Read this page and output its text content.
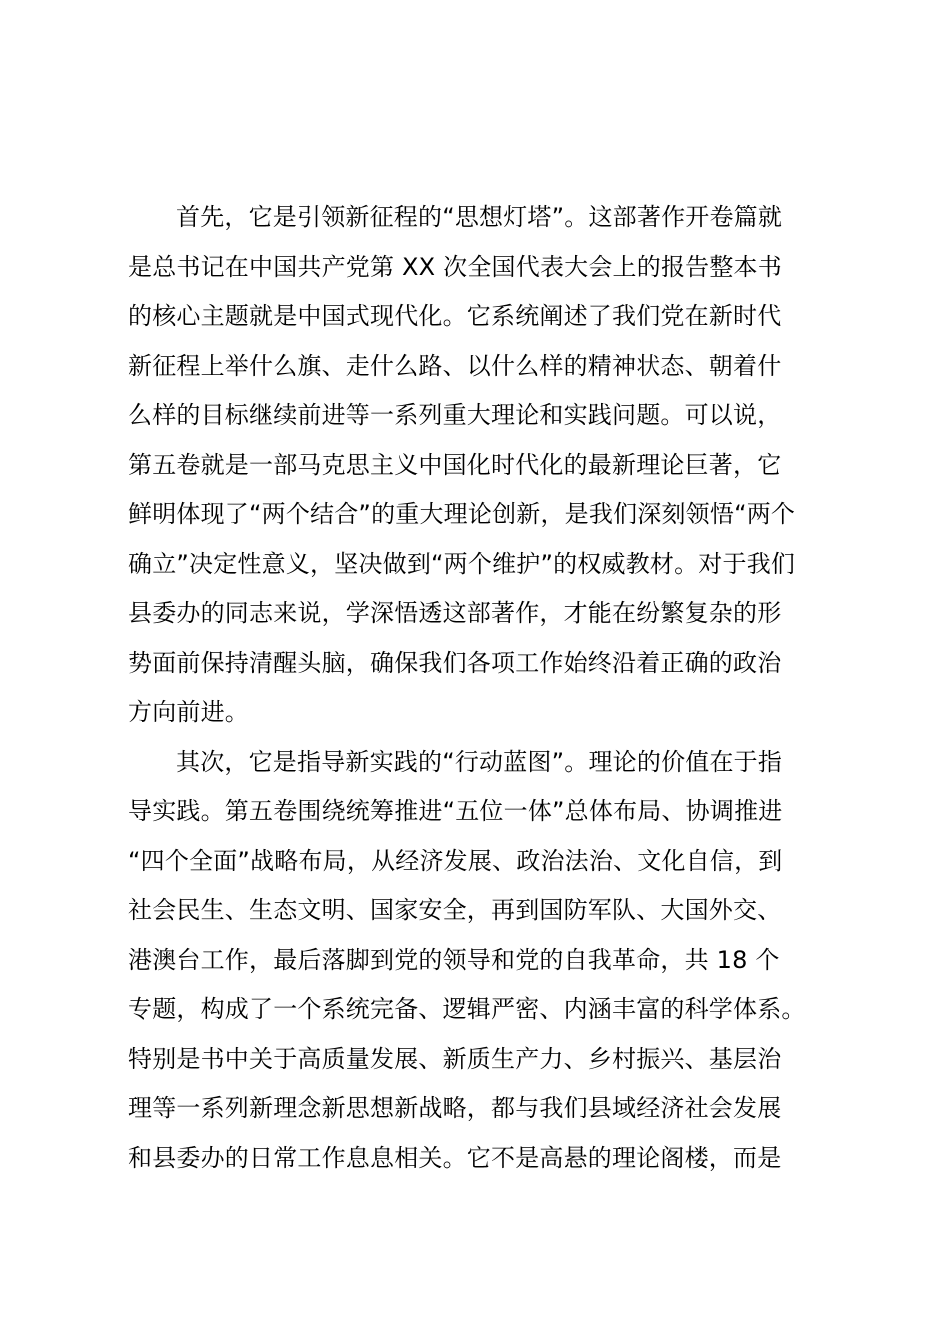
首先，它是引领新征程的“思想灯塔”。这部著作开卷篇就
是总书记在中国共产党第 XX 次全国代表大会上的报告整本书
的核心主题就是中国式现代化。它系统阐述了我们党在新时代
新征程上举什么旗、走什么路、以什么样的精神状态、朝着什
么样的目标继续前进等一系列重大理论和实践问题。可以说，
第五卷就是一部马克思主义中国化时代化的最新理论巨著，它
鲜明体现了“两个结合”的重大理论创新，是我们深刻领悟“两个
确立”决定性意义，坚决做到“两个维护”的权威教材。对于我们
县委办的同志来说，学深悟透这部著作，才能在纷繁复杂的形
势面前保持清醒头脑，确保我们各项工作始终沿着正确的政治
方向前进。
其次，它是指导新实践的“行动蓝图”。理论的价值在于指
导实践。第五卷围绕统筹推进“五位一体”总体布局、协调推进
“四个全面”战略布局，从经济发展、政治法治、文化自信，到
社会民生、生态文明、国家安全，再到国防军队、大国外交、
港澳台工作，最后落脚到党的领导和党的自我革命，共 18 个
专题，构成了一个系统完备、逻辑严密、内涵丰富的科学体系。
特别是书中关于高质量发展、新质生产力、乡村振兴、基层治
理等一系列新理念新思想新战略，都与我们县域经济社会发展
和县委办的日常工作息息相关。它不是高悬的理论阁楼，而是
